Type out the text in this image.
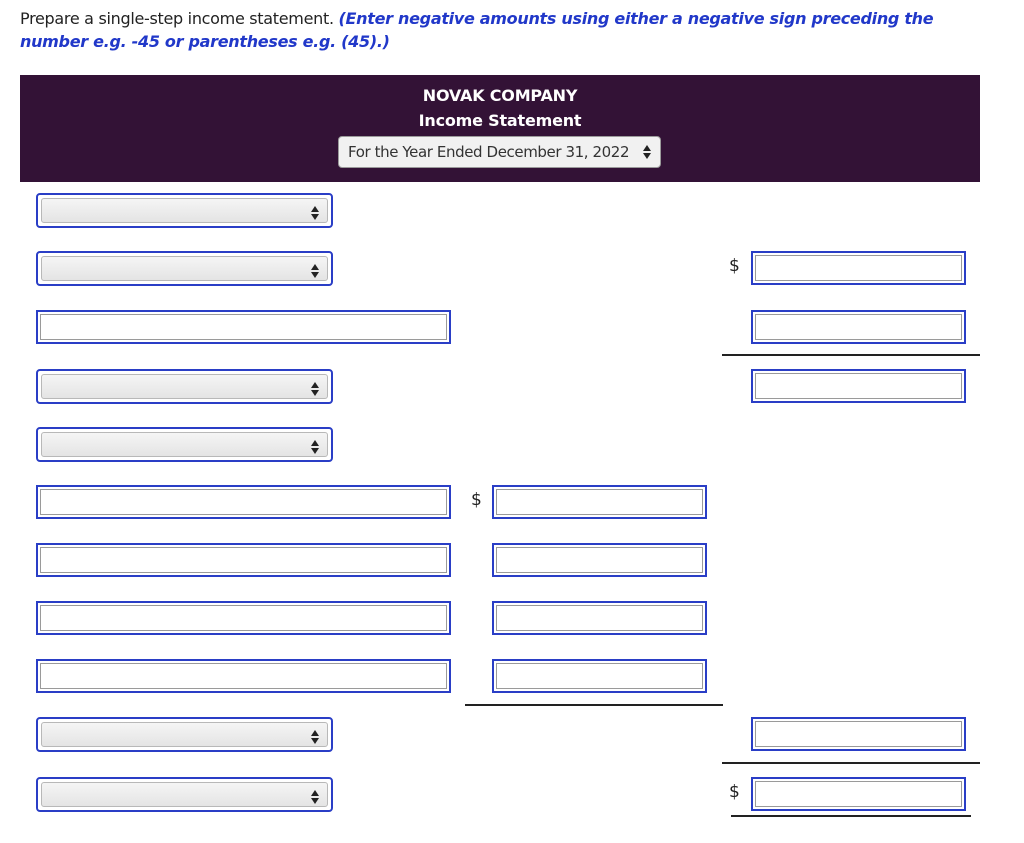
Prepare a single-step income statement. (Enter negative amounts using either a negative sign preceding the number e.g. -45 or parentheses e.g. (45).)
NOVAK COMPANY
Income Statement
For the Year Ended December 31, 2022
$
$
$
